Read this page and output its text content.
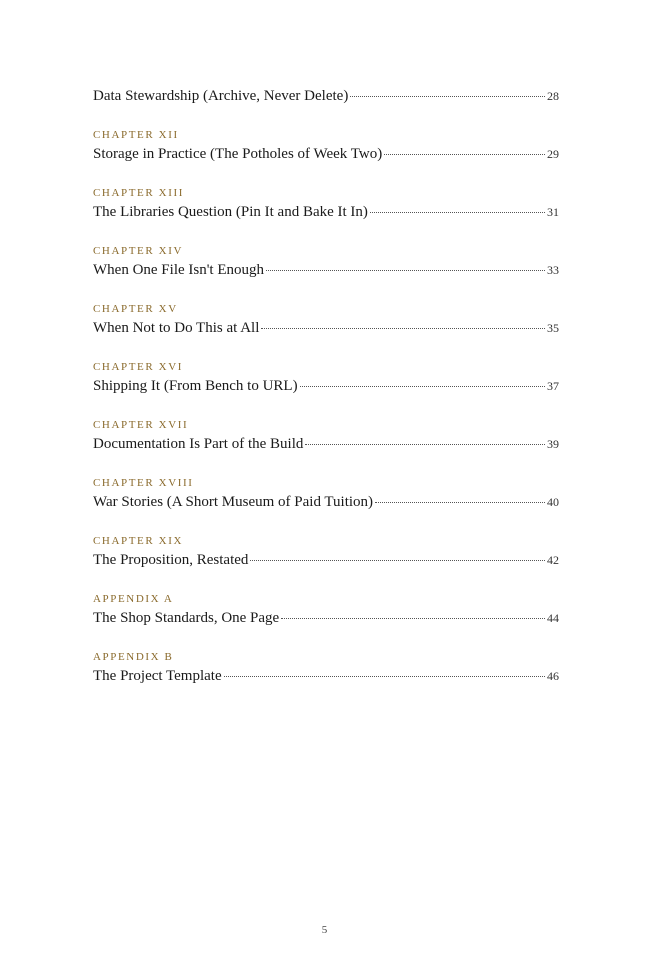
Data Stewardship (Archive, Never Delete)	28
CHAPTER XII
Storage in Practice (The Potholes of Week Two)	29
CHAPTER XIII
The Libraries Question (Pin It and Bake It In)	31
CHAPTER XIV
When One File Isn't Enough	33
CHAPTER XV
When Not to Do This at All	35
CHAPTER XVI
Shipping It (From Bench to URL)	37
CHAPTER XVII
Documentation Is Part of the Build	39
CHAPTER XVIII
War Stories (A Short Museum of Paid Tuition)	40
CHAPTER XIX
The Proposition, Restated	42
APPENDIX A
The Shop Standards, One Page	44
APPENDIX B
The Project Template	46
5
